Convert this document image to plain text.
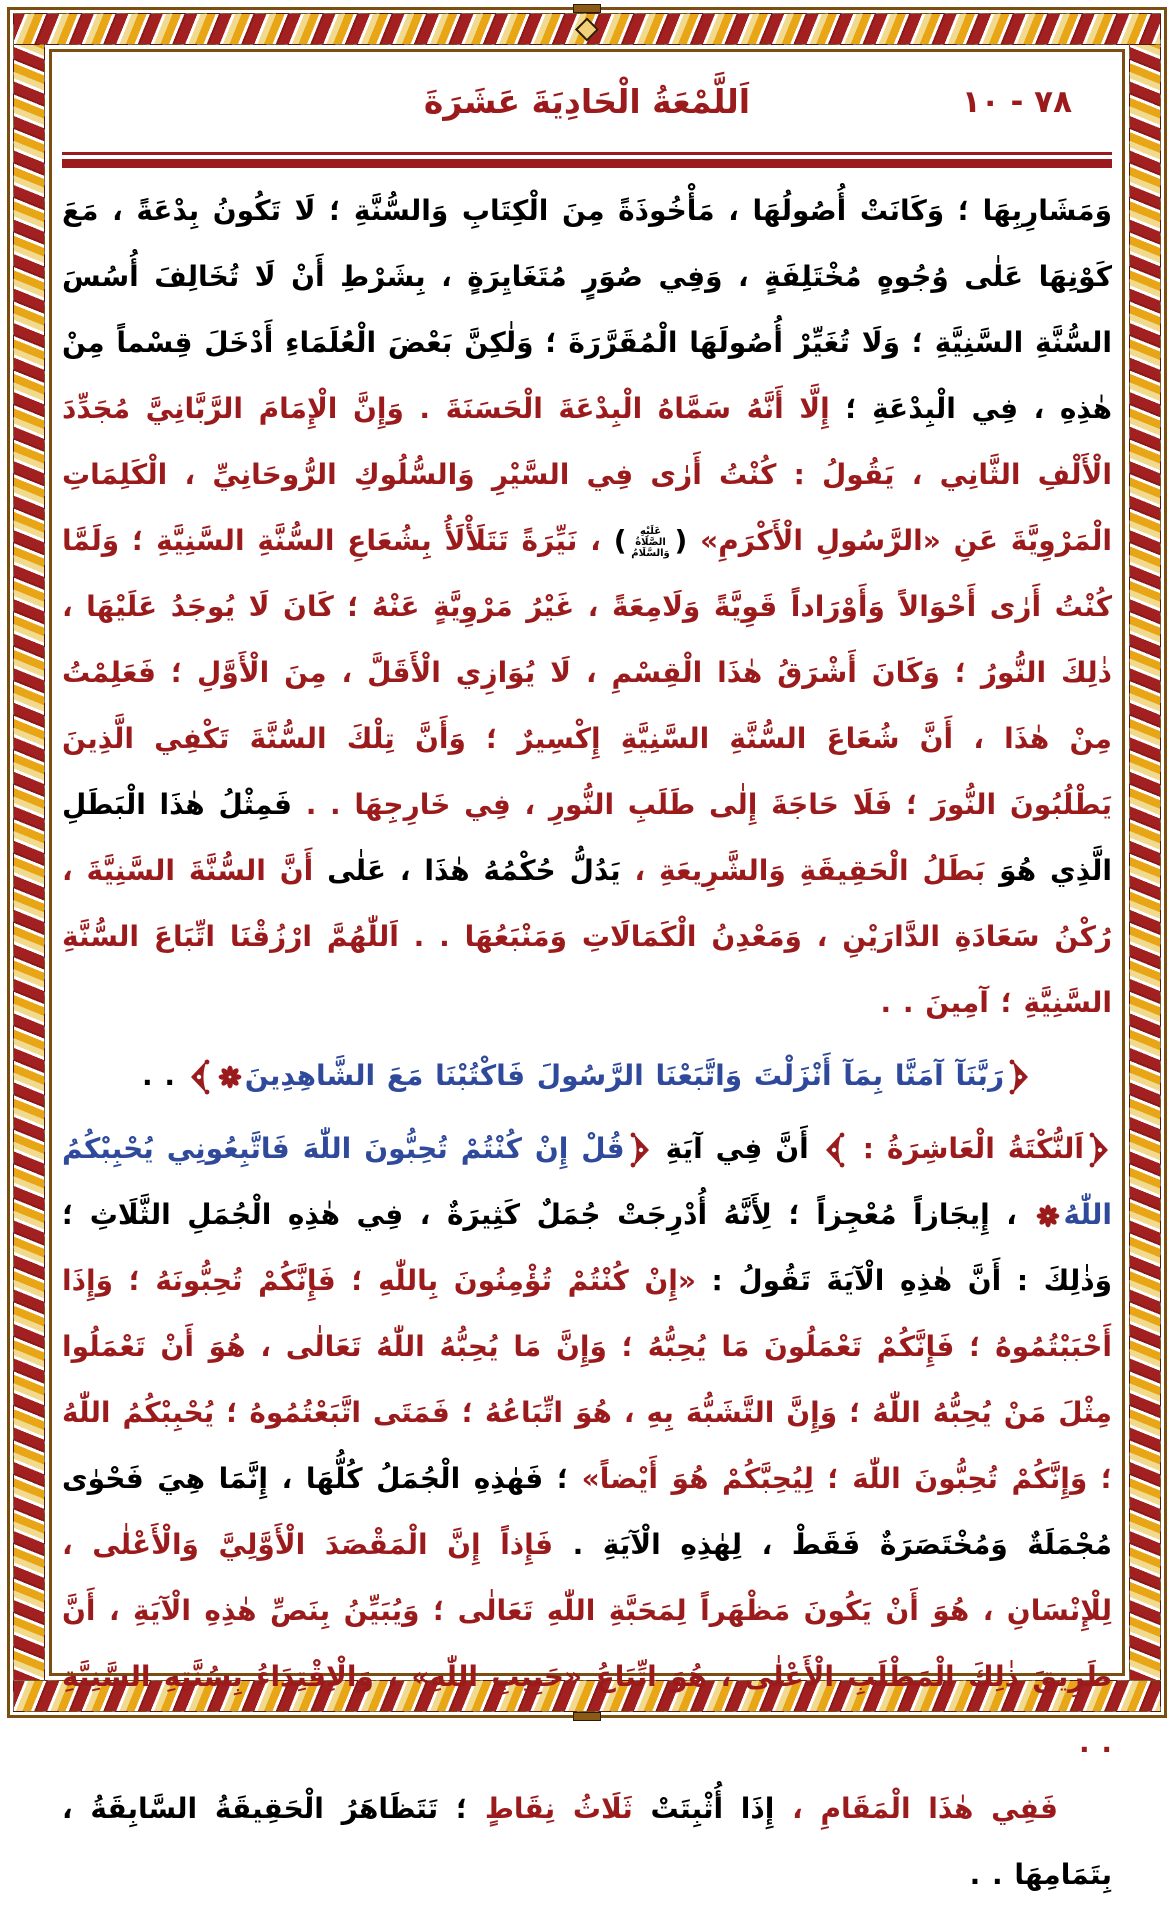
٧٨ - ١٠
اَللَّمْعَةُ الْحَادِيَةَ عَشَرَةَ

وَمَشَارِبِهَا ؛ وَكَانَتْ أُصُولُهَا ، مَأْخُوذَةً مِنَ الْكِتَابِ وَالسُّنَّةِ ؛ لَا تَكُونُ بِدْعَةً ، مَعَ كَوْنِهَا عَلٰى وُجُوهٍ مُخْتَلِفَةٍ ، وَفِي صُوَرٍ مُتَغَايِرَةٍ ، بِشَرْطِ أَنْ لَا تُخَالِفَ أُسُسَ السُّنَّةِ السَّنِيَّةِ ؛ وَلَا تُغَيِّرْ أُصُولَهَا الْمُقَرَّرَةَ ؛ وَلٰكِنَّ بَعْضَ الْعُلَمَاءِ أَدْخَلَ قِسْماً مِنْ هٰذِهِ ، فِي الْبِدْعَةِ ؛ إِلَّا أَنَّهُ سَمَّاهُ الْبِدْعَةَ الْحَسَنَةَ . وَإِنَّ الْإِمَامَ الرَّبَّانِيَّ مُجَدِّدَ الْأَلْفِ الثَّانِي ، يَقُولُ : كُنْتُ أَرٰى فِي السَّيْرِ وَالسُّلُوكِ الرُّوحَانِيِّ ، الْكَلِمَاتِ الْمَرْوِيَّةَ عَنِ «الرَّسُولِ الْأَكْرَمِ» (عَلَيْهِ الصَّلَاةُ وَالسَّلَامُ) ، نَيِّرَةً تَتَلَأْلَأُ بِشُعَاعِ السُّنَّةِ السَّنِيَّةِ ؛ وَلَمَّا كُنْتُ أَرٰى أَحْوَالاً وَأَوْرَاداً قَوِيَّةً وَلَامِعَةً ، غَيْرُ مَرْوِيَّةٍ عَنْهُ ؛ كَانَ لَا يُوجَدُ عَلَيْهَا ، ذٰلِكَ النُّورُ ؛ وَكَانَ أَشْرَقُ هٰذَا الْقِسْمِ ، لَا يُوَازِي الْأَقَلَّ ، مِنَ الْأَوَّلِ ؛ فَعَلِمْتُ مِنْ هٰذَا ، أَنَّ شُعَاعَ السُّنَّةِ السَّنِيَّةِ إِكْسِيرٌ ؛ وَأَنَّ تِلْكَ السُّنَّةَ تَكْفِي الَّذِينَ يَطْلُبُونَ النُّورَ ؛ فَلَا حَاجَةَ إِلٰى طَلَبِ النُّورِ ، فِي خَارِجِهَا . . فَمِثْلُ هٰذَا الْبَطَلِ الَّذِي هُوَ بَطَلُ الْحَقِيقَةِ وَالشَّرِيعَةِ ، يَدُلُّ حُكْمُهُ هٰذَا ، عَلٰى أَنَّ السُّنَّةَ السَّنِيَّةَ ، رُكْنُ سَعَادَةِ الدَّارَيْنِ ، وَمَعْدِنُ الْكَمَالَاتِ وَمَنْبَعُهَا . . اَللّٰهُمَّ ارْزُقْنَا اتِّبَاعَ السُّنَّةِ السَّنِيَّةِ ؛ آمِينَ . .

رَبَّنَآ آمَنَّا بِمَآ أَنْزَلْتَ وَاتَّبَعْنَا الرَّسُولَ فَاكْتُبْنَا مَعَ الشَّاهِدِينَ . .

اَلنُّكْتَةُ الْعَاشِرَةُ :  أَنَّ فِي آيَةِ قُلْ إِنْ كُنْتُمْ تُحِبُّونَ اللّٰهَ فَاتَّبِعُونِي يُحْبِبْكُمُ اللّٰهُ ، إِيجَازاً مُعْجِزاً ؛ لِأَنَّهُ أُدْرِجَتْ جُمَلٌ كَثِيرَةٌ ، فِي هٰذِهِ الْجُمَلِ الثَّلَاثِ ؛ وَذٰلِكَ : أَنَّ هٰذِهِ الْآيَةَ تَقُولُ : «إِنْ كُنْتُمْ تُؤْمِنُونَ بِاللّٰهِ ؛ فَإِنَّكُمْ تُحِبُّونَهُ ؛ وَإِذَا أَحْبَبْتُمُوهُ ؛ فَإِنَّكُمْ تَعْمَلُونَ مَا يُحِبُّهُ ؛ وَإِنَّ مَا يُحِبُّهُ اللّٰهُ تَعَالٰى ، هُوَ أَنْ تَعْمَلُوا مِثْلَ مَنْ يُحِبُّهُ اللّٰهُ ؛ وَإِنَّ التَّشَبُّهَ بِهِ ، هُوَ اتِّبَاعُهُ ؛ فَمَتَى اتَّبَعْتُمُوهُ ؛ يُحْبِبْكُمُ اللّٰهُ ؛ وَإِنَّكُمْ تُحِبُّونَ اللّٰهَ ؛ لِيُحِبَّكُمْ هُوَ أَيْضاً» ؛ فَهٰذِهِ الْجُمَلُ كُلُّهَا ، إِنَّمَا هِيَ فَحْوٰى مُجْمَلَةٌ وَمُخْتَصَرَةٌ فَقَطْ ، لِهٰذِهِ الْآيَةِ . فَإِذاً إِنَّ الْمَقْصَدَ الْأَوَّلِيَّ وَالْأَعْلٰى ، لِلْإِنْسَانِ ، هُوَ أَنْ يَكُونَ مَظْهَراً لِمَحَبَّةِ اللّٰهِ تَعَالٰى ؛ وَيُبَيِّنُ بِنَصِّ هٰذِهِ الْآيَةِ ، أَنَّ طَرِيقَ ذٰلِكَ الْمَطْلَبِ الْأَعْلٰى ، هُوَ اتِّبَاعُ «حَبِيبِ اللّٰهِ» ، وَالْاِقْتِدَاءُ بِسُنَّتِهِ السَّنِيَّةِ . .

فَفِي هٰذَا الْمَقَامِ ، إِذَا أُثْبِتَتْ ثَلَاثُ نِقَاطٍ ؛ تَتَظَاهَرُ الْحَقِيقَةُ السَّابِقَةُ ، بِتَمَامِهَا . .
